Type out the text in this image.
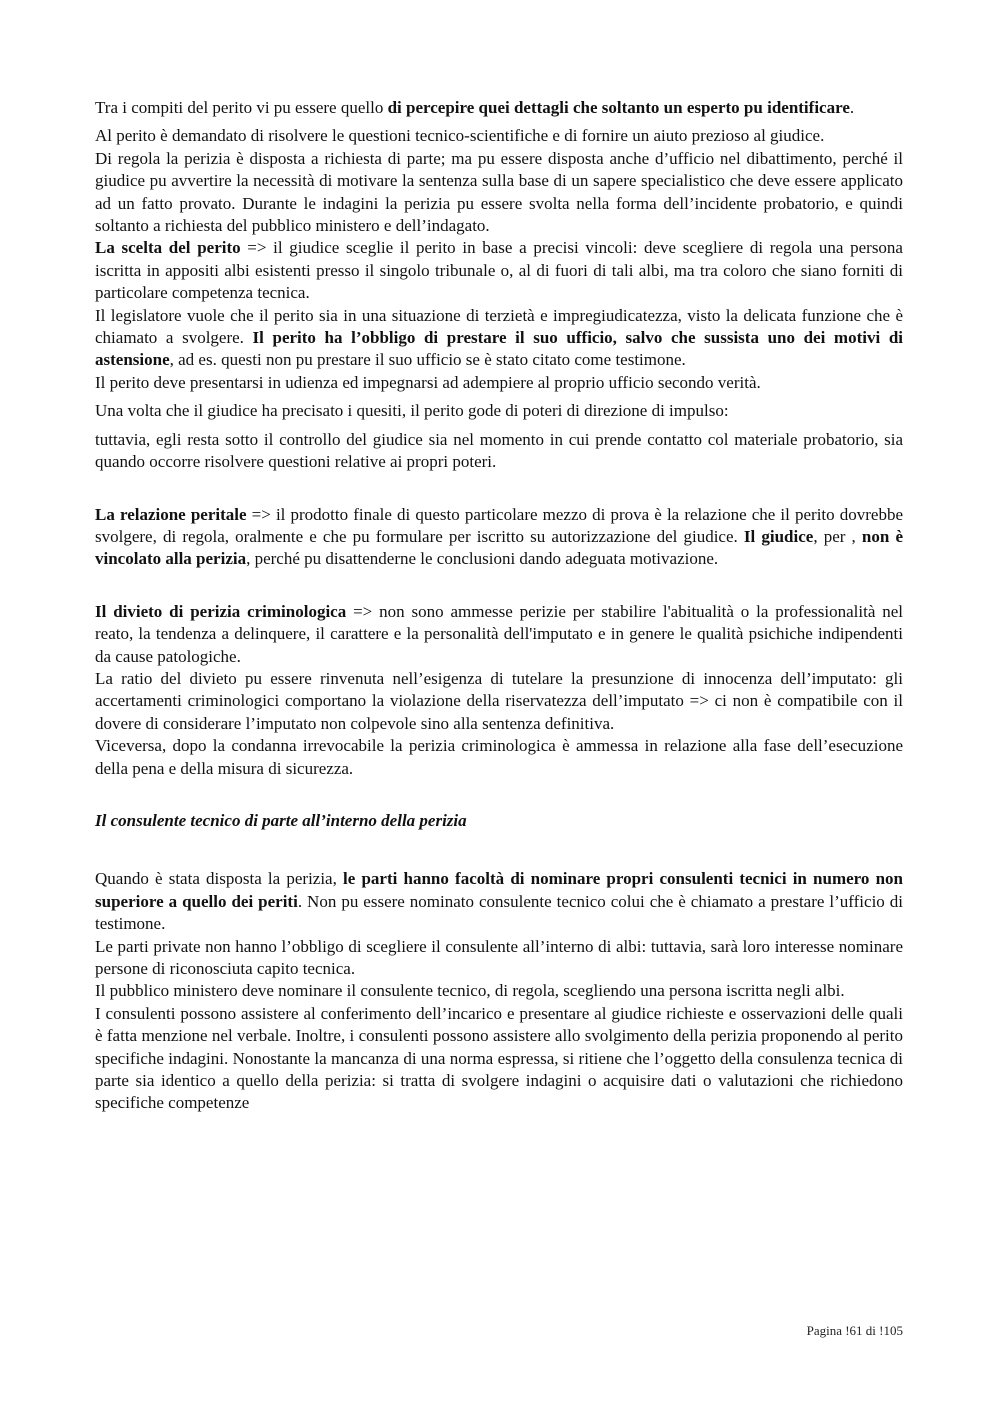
Tra i compiti del perito vi pu essere quello di percepire quei dettagli che soltanto un esperto pu identificare.

Al perito è demandato di risolvere le questioni tecnico-scientifiche e di fornire un aiuto prezioso al giudice.

Di regola la perizia è disposta a richiesta di parte; ma pu essere disposta anche d’ufficio nel dibattimento, perché il giudice pu avvertire la necessità di motivare la sentenza sulla base di un sapere specialistico che deve essere applicato ad un fatto provato. Durante le indagini la perizia pu essere svolta nella forma dell’incidente probatorio, e quindi soltanto a richiesta del pubblico ministero e dell’indagato.

La scelta del perito => il giudice sceglie il perito in base a precisi vincoli: deve scegliere di regola una persona iscritta in appositi albi esistenti presso il singolo tribunale o, al di fuori di tali albi, ma tra coloro che siano forniti di particolare competenza tecnica.

Il legislatore vuole che il perito sia in una situazione di terzietà e impregiudicatezza, visto la delicata funzione che è chiamato a svolgere. Il perito ha l’obbligo di prestare il suo ufficio, salvo che sussista uno dei motivi di astensione, ad es. questi non pu prestare il suo ufficio se è stato citato come testimone.

Il perito deve presentarsi in udienza ed impegnarsi ad adempiere al proprio ufficio secondo verità.

Una volta che il giudice ha precisato i quesiti, il perito gode di poteri di direzione di impulso:

tuttavia, egli resta sotto il controllo del giudice sia nel momento in cui prende contatto col materiale probatorio, sia quando occorre risolvere questioni relative ai propri poteri.

La relazione peritale => il prodotto finale di questo particolare mezzo di prova è la relazione che il perito dovrebbe svolgere, di regola, oralmente e che pu formulare per iscritto su autorizzazione del giudice. Il giudice, per , non è vincolato alla perizia, perché pu disattenderne le conclusioni dando adeguata motivazione.

Il divieto di perizia criminologica => non sono ammesse perizie per stabilire l'abitualità o la professionalità nel reato, la tendenza a delinquere, il carattere e la personalità dell'imputato e in genere le qualità psichiche indipendenti da cause patologiche.

La ratio del divieto pu essere rinvenuta nell’esigenza di tutelare la presunzione di innocenza dell’imputato: gli accertamenti criminologici comportano la violazione della riservatezza dell’imputato => ci non è compatibile con il dovere di considerare l’imputato non colpevole sino alla sentenza definitiva.

Viceversa, dopo la condanna irrevocabile la perizia criminologica è ammessa in relazione alla fase dell’esecuzione della pena e della misura di sicurezza.

Il consulente tecnico di parte all’interno della perizia

Quando è stata disposta la perizia, le parti hanno facoltà di nominare propri consulenti tecnici in numero non superiore a quello dei periti. Non pu essere nominato consulente tecnico colui che è chiamato a prestare l’ufficio di testimone.

Le parti private non hanno l’obbligo di scegliere il consulente all’interno di albi: tuttavia, sarà loro interesse nominare persone di riconosciuta capito tecnica.

Il pubblico ministero deve nominare il consulente tecnico, di regola, scegliendo una persona iscritta negli albi.

I consulenti possono assistere al conferimento dell’incarico e presentare al giudice richieste e osservazioni delle quali è fatta menzione nel verbale. Inoltre, i consulenti possono assistere allo svolgimento della perizia proponendo al perito specifiche indagini. Nonostante la mancanza di una norma espressa, si ritiene che l’oggetto della consulenza tecnica di parte sia identico a quello della perizia: si tratta di svolgere indagini o acquisire dati o valutazioni che richiedono specifiche competenze

Pagina !61 di !105
